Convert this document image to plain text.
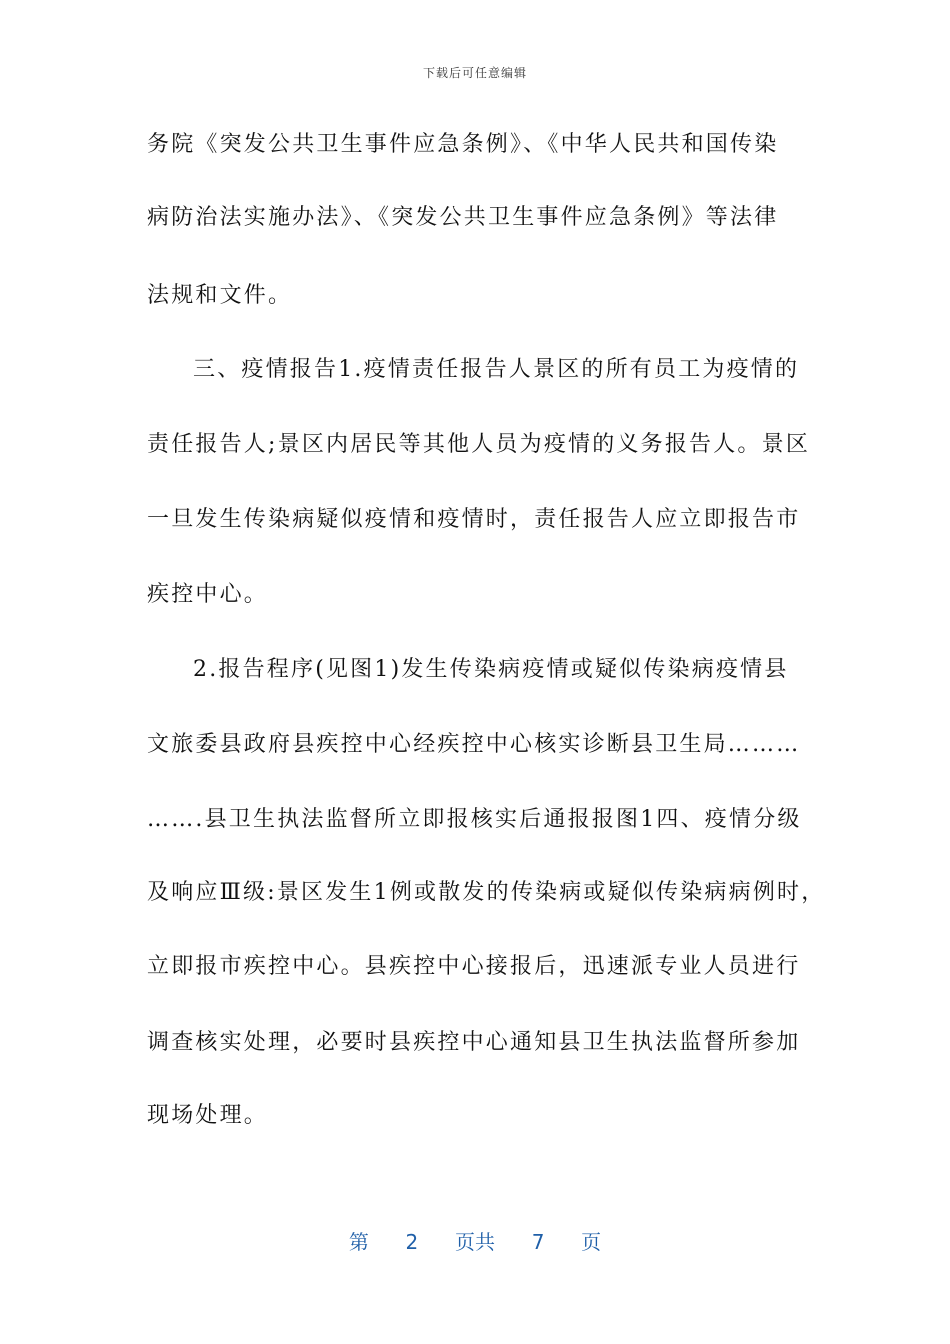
下载后可任意编辑
务院《突发公共卫生事件应急条例》、《中华人民共和国传染
病防治法实施办法》、《突发公共卫生事件应急条例》等法律
法规和文件。
三、疫情报告1.疫情责任报告人景区的所有员工为疫情的
责任报告人;景区内居民等其他人员为疫情的义务报告人。景区
一旦发生传染病疑似疫情和疫情时，责任报告人应立即报告市
疾控中心。
2.报告程序(见图1)发生传染病疫情或疑似传染病疫情县
文旅委县政府县疾控中心经疾控中心核实诊断县卫生局………
…….县卫生执法监督所立即报核实后通报报图1四、疫情分级
及响应Ⅲ级:景区发生1例或散发的传染病或疑似传染病病例时，
立即报市疾控中心。县疾控中心接报后，迅速派专业人员进行
调查核实处理，必要时县疾控中心通知县卫生执法监督所参加
现场处理。
第 2 页共 7 页
